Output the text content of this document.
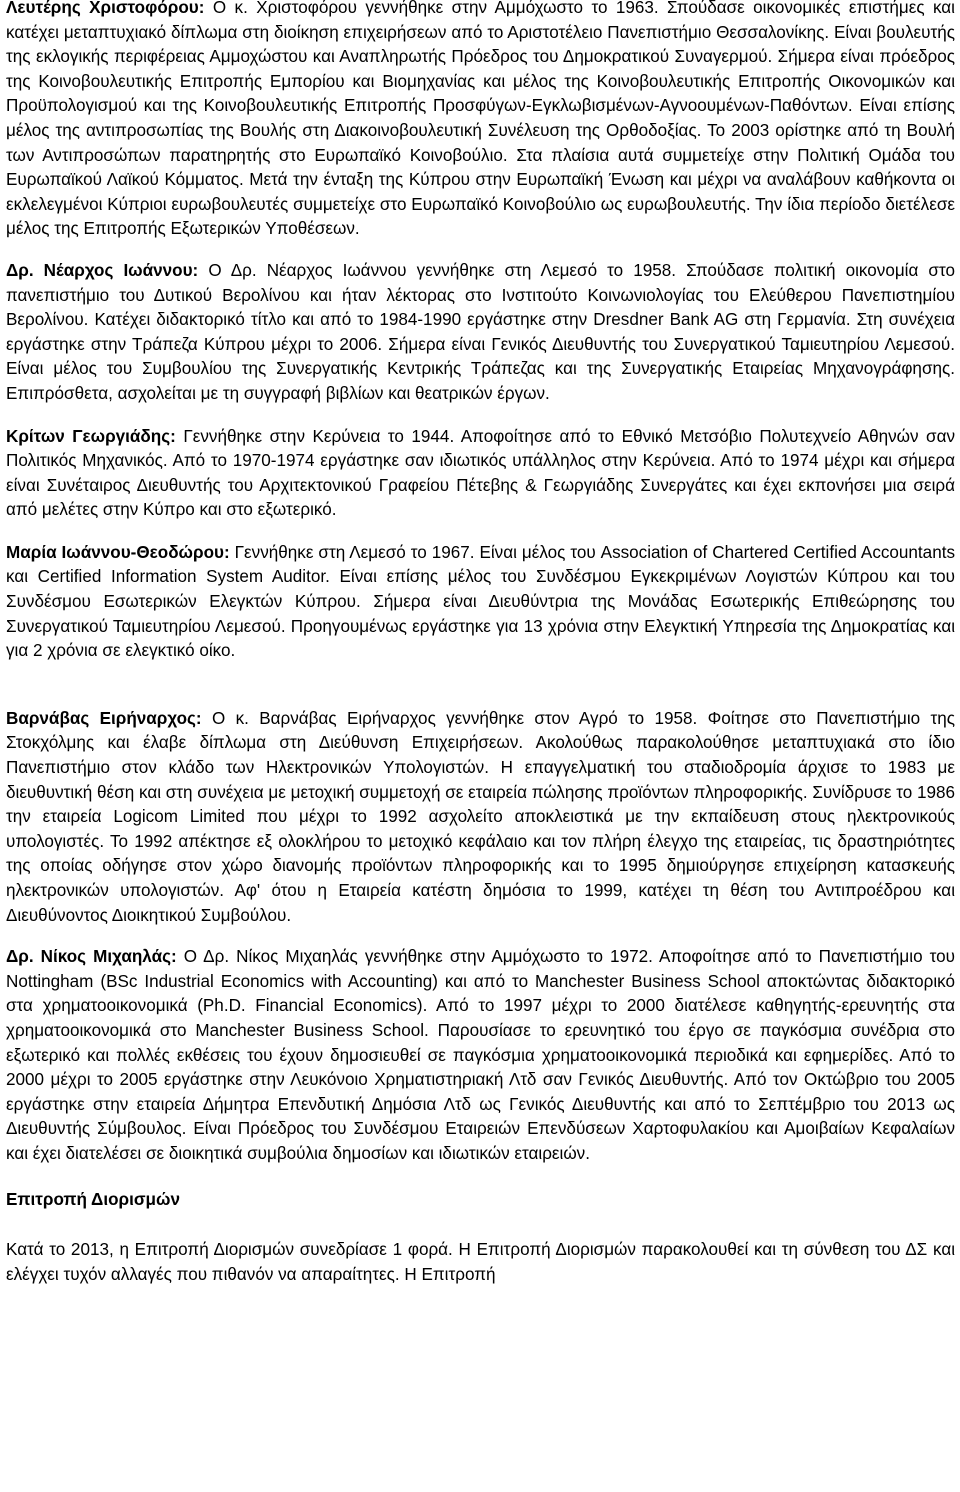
Λευτέρης Χριστοφόρου: Ο κ. Χριστοφόρου γεννήθηκε στην Αμμόχωστο το 1963. Σπούδασε οικονομικές επιστήμες και κατέχει μεταπτυχιακό δίπλωμα στη διοίκηση επιχειρήσεων από το Αριστοτέλειο Πανεπιστήμιο Θεσσαλονίκης. Είναι βουλευτής της εκλογικής περιφέρειας Αμμοχώστου και Αναπληρωτής Πρόεδρος του Δημοκρατικού Συναγερμού. Σήμερα είναι πρόεδρος της Κοινοβουλευτικής Επιτροπής Εμπορίου και Βιομηχανίας και μέλος της Κοινοβουλευτικής Επιτροπής Οικονομικών και Προϋπολογισμού και της Κοινοβουλευτικής Επιτροπής Προσφύγων-Εγκλωβισμένων-Αγνοουμένων-Παθόντων. Είναι επίσης μέλος της αντιπροσωπίας της Βουλής στη Διακοινοβουλευτική Συνέλευση της Ορθοδοξίας. Το 2003 ορίστηκε από τη Βουλή των Αντιπροσώπων παρατηρητής στο Ευρωπαϊκό Κοινοβούλιο. Στα πλαίσια αυτά συμμετείχε στην Πολιτική Ομάδα του Ευρωπαϊκού Λαϊκού Κόμματος. Μετά την ένταξη της Κύπρου στην Ευρωπαϊκή Ένωση και μέχρι να αναλάβουν καθήκοντα οι εκλελεγμένοι Κύπριοι ευρωβουλευτές συμμετείχε στο Ευρωπαϊκό Κοινοβούλιο ως ευρωβουλευτής. Την ίδια περίοδο διετέλεσε μέλος της Επιτροπής Εξωτερικών Υποθέσεων.

Δρ. Νέαρχος Ιωάννου: Ο Δρ. Νέαρχος Ιωάννου γεννήθηκε στη Λεμεσό το 1958. Σπούδασε πολιτική οικονομία στο πανεπιστήμιο του Δυτικού Βερολίνου και ήταν λέκτορας στο Ινστιτούτο Κοινωνιολογίας του Ελεύθερου Πανεπιστημίου Βερολίνου. Κατέχει διδακτορικό τίτλο και από το 1984-1990 εργάστηκε στην Dresdner Bank AG στη Γερμανία. Στη συνέχεια εργάστηκε στην Τράπεζα Κύπρου μέχρι το 2006. Σήμερα είναι Γενικός Διευθυντής του Συνεργατικού Ταμιευτηρίου Λεμεσού. Είναι μέλος του Συμβουλίου της Συνεργατικής Κεντρικής Τράπεζας και της Συνεργατικής Εταιρείας Μηχανογράφησης. Επιπρόσθετα, ασχολείται με τη συγγραφή βιβλίων και θεατρικών έργων.

Κρίτων Γεωργιάδης: Γεννήθηκε στην Κερύνεια το 1944. Αποφοίτησε από το Εθνικό Μετσόβιο Πολυτεχνείο Αθηνών σαν Πολιτικός Μηχανικός. Από το 1970-1974 εργάστηκε σαν ιδιωτικός υπάλληλος στην Κερύνεια. Από το 1974 μέχρι και σήμερα είναι Συνέταιρος Διευθυντής του Αρχιτεκτονικού Γραφείου Πέτεβης & Γεωργιάδης Συνεργάτες και έχει εκπονήσει μια σειρά από μελέτες στην Κύπρο και στο εξωτερικό.

Μαρία Ιωάννου-Θεοδώρου: Γεννήθηκε στη Λεμεσό το 1967. Είναι μέλος του Association of Chartered Certified Accountants και Certified Information System Auditor. Είναι επίσης μέλος του Συνδέσμου Εγκεκριμένων Λογιστών Κύπρου και του Συνδέσμου Εσωτερικών Ελεγκτών Κύπρου. Σήμερα είναι Διευθύντρια της Μονάδας Εσωτερικής Επιθεώρησης του Συνεργατικού Ταμιευτηρίου Λεμεσού. Προηγουμένως εργάστηκε για 13 χρόνια στην Ελεγκτική Υπηρεσία της Δημοκρατίας και για 2 χρόνια σε ελεγκτικό οίκο.

Βαρνάβας Ειρήναρχος: Ο κ. Βαρνάβας Ειρήναρχος γεννήθηκε στον Αγρό το 1958. Φοίτησε στο Πανεπιστήμιο της Στοκχόλμης και έλαβε δίπλωμα στη Διεύθυνση Επιχειρήσεων. Ακολούθως παρακολούθησε μεταπτυχιακά στο ίδιο Πανεπιστήμιο στον κλάδο των Ηλεκτρονικών Υπολογιστών. Η επαγγελματική του σταδιοδρομία άρχισε το 1983 με διευθυντική θέση και στη συνέχεια με μετοχική συμμετοχή σε εταιρεία πώλησης προϊόντων πληροφορικής. Συνίδρυσε το 1986 την εταιρεία Logicom Limited που μέχρι το 1992 ασχολείτο αποκλειστικά με την εκπαίδευση στους ηλεκτρονικούς υπολογιστές. Το 1992 απέκτησε εξ ολοκλήρου το μετοχικό κεφάλαιο και τον πλήρη έλεγχο της εταιρείας, τις δραστηριότητες της οποίας οδήγησε στον χώρο διανομής προϊόντων πληροφορικής και το 1995 δημιούργησε επιχείρηση κατασκευής ηλεκτρονικών υπολογιστών. Αφ' ότου η Εταιρεία κατέστη δημόσια το 1999, κατέχει τη θέση του Αντιπροέδρου και Διευθύνοντος Διοικητικού Συμβούλου.

Δρ. Νίκος Μιχαηλάς: Ο Δρ. Νίκος Μιχαηλάς γεννήθηκε στην Αμμόχωστο το 1972. Αποφοίτησε από το Πανεπιστήμιο του Nottingham (BSc Industrial Economics with Accounting) και από το Manchester Business School αποκτώντας διδακτορικό στα χρηματοοικονομικά (Ph.D. Financial Economics). Από το 1997 μέχρι το 2000 διατέλεσε καθηγητής-ερευνητής στα χρηματοοικονομικά στο Manchester Business School. Παρουσίασε το ερευνητικό του έργο σε παγκόσμια συνέδρια στο εξωτερικό και πολλές εκθέσεις του έχουν δημοσιευθεί σε παγκόσμια χρηματοοικονομικά περιοδικά και εφημερίδες. Από το 2000 μέχρι το 2005 εργάστηκε στην Λευκόνοιο Χρηματιστηριακή Λτδ σαν Γενικός Διευθυντής. Από τον Οκτώβριο του 2005 εργάστηκε στην εταιρεία Δήμητρα Επενδυτική Δημόσια Λτδ ως Γενικός Διευθυντής και από το Σεπτέμβριο του 2013 ως Διευθυντής Σύμβουλος. Είναι Πρόεδρος του Συνδέσμου Εταιρειών Επενδύσεων Χαρτοφυλακίου και Αμοιβαίων Κεφαλαίων και έχει διατελέσει σε διοικητικά συμβούλια δημοσίων και ιδιωτικών εταιρειών.

Επιτροπή Διορισμών

Κατά το 2013, η Επιτροπή Διορισμών συνεδρίασε 1 φορά. Η Επιτροπή Διορισμών παρακολουθεί και τη σύνθεση του ΔΣ και ελέγχει τυχόν αλλαγές που πιθανόν να απαραίτητες. Η Επιτροπή
